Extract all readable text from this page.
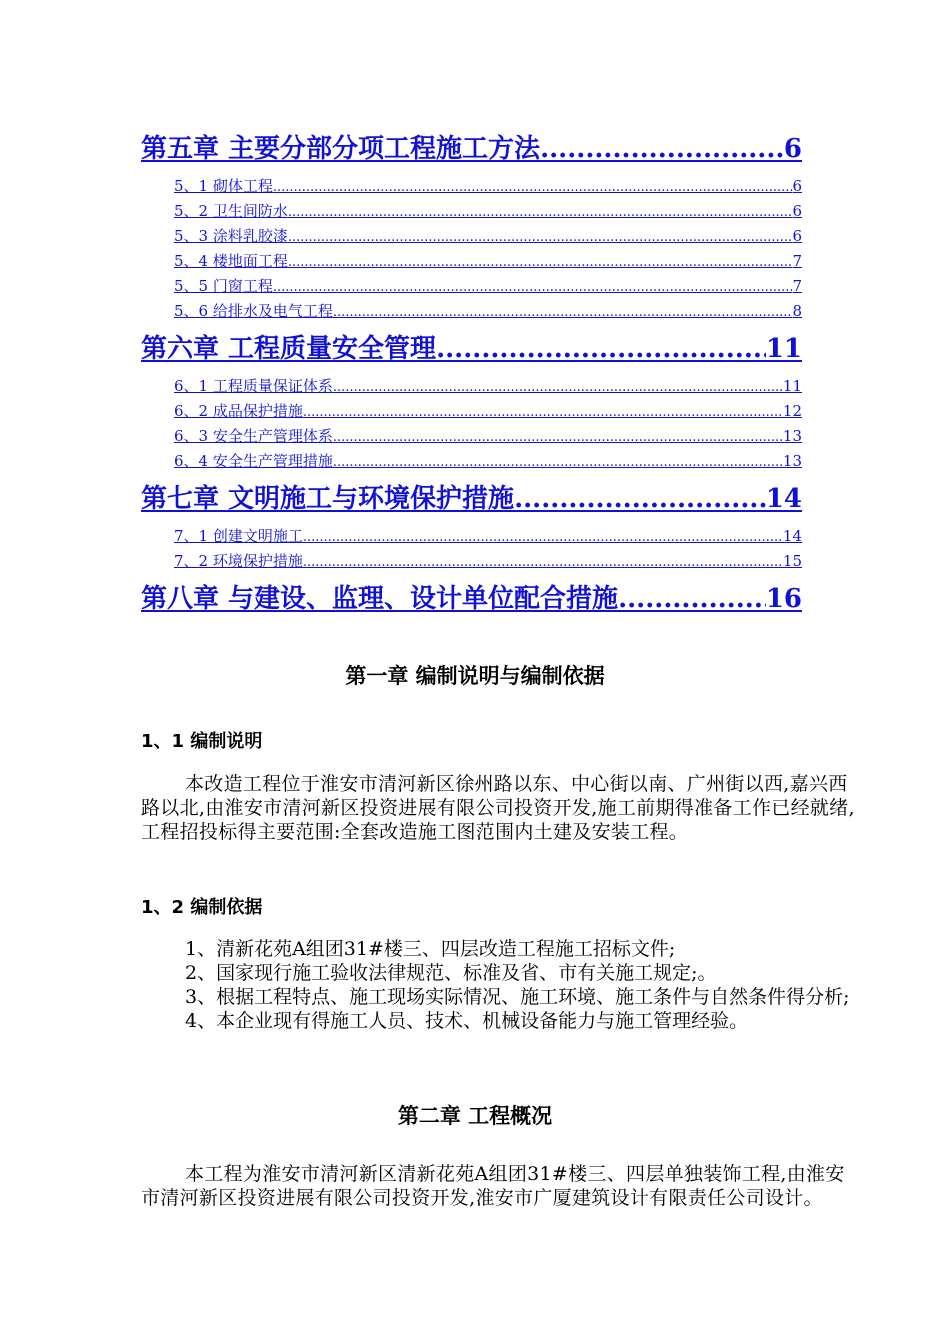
第五章 主要分部分项工程施工方法 .....	6
5、1 砌体工程 .....	6
5、2 卫生间防水 .....	6
5、3 涂料乳胶漆 .....	6
5、4 楼地面工程 .....	7
5、5 门窗工程 .....	7
5、6 给排水及电气工程 .....	8
第六章 工程质量安全管理 .....	11
6、1 工程质量保证体系 .....	11
6、2 成品保护措施 .....	12
6、3 安全生产管理体系 .....	13
6、4 安全生产管理措施 .....	13
第七章 文明施工与环境保护措施 .....	14
7、1 创建文明施工 .....	14
7、2 环境保护措施 .....	15
第八章 与建设、监理、设计单位配合措施 .....	16
第一章 编制说明与编制依据
1、1 编制说明
本改造工程位于淮安市清河新区徐州路以东、中心街以南、广州街以西,嘉兴西路以北,由淮安市清河新区投资进展有限公司投资开发,施工前期得准备工作已经就绪,工程招投标得主要范围:全套改造施工图范围内土建及安装工程。
1、2 编制依据
1、清新花苑A组团31#楼三、四层改造工程施工招标文件;
2、国家现行施工验收法律规范、标准及省、市有关施工规定;。
3、根据工程特点、施工现场实际情况、施工环境、施工条件与自然条件得分析;
4、本企业现有得施工人员、技术、机械设备能力与施工管理经验。
第二章 工程概况
本工程为淮安市清河新区清新花苑A组团31#楼三、四层单独装饰工程,由淮安市清河新区投资进展有限公司投资开发,淮安市广厦建筑设计有限责任公司设计。
